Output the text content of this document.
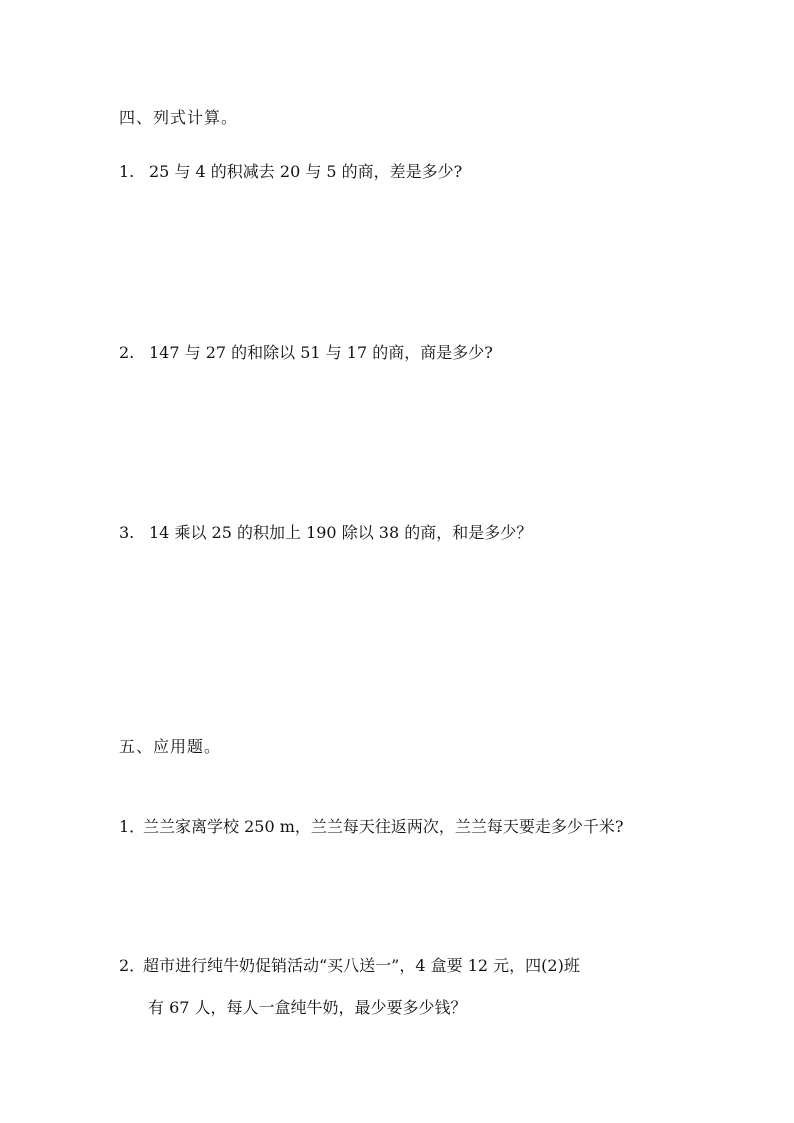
四、列式计算。
1. 25 与 4 的积减去 20 与 5 的商，差是多少?
2. 147 与 27 的和除以 51 与 17 的商，商是多少?
3. 14 乘以 25 的积加上 190 除以 38 的商，和是多少？
五、应用题。
1．兰兰家离学校 250 m，兰兰每天往返两次，兰兰每天要走多少千米?
2．超市进行纯牛奶促销活动“买八送一”，4 盒要 12 元，四(2)班
有 67 人，每人一盒纯牛奶，最少要多少钱？
